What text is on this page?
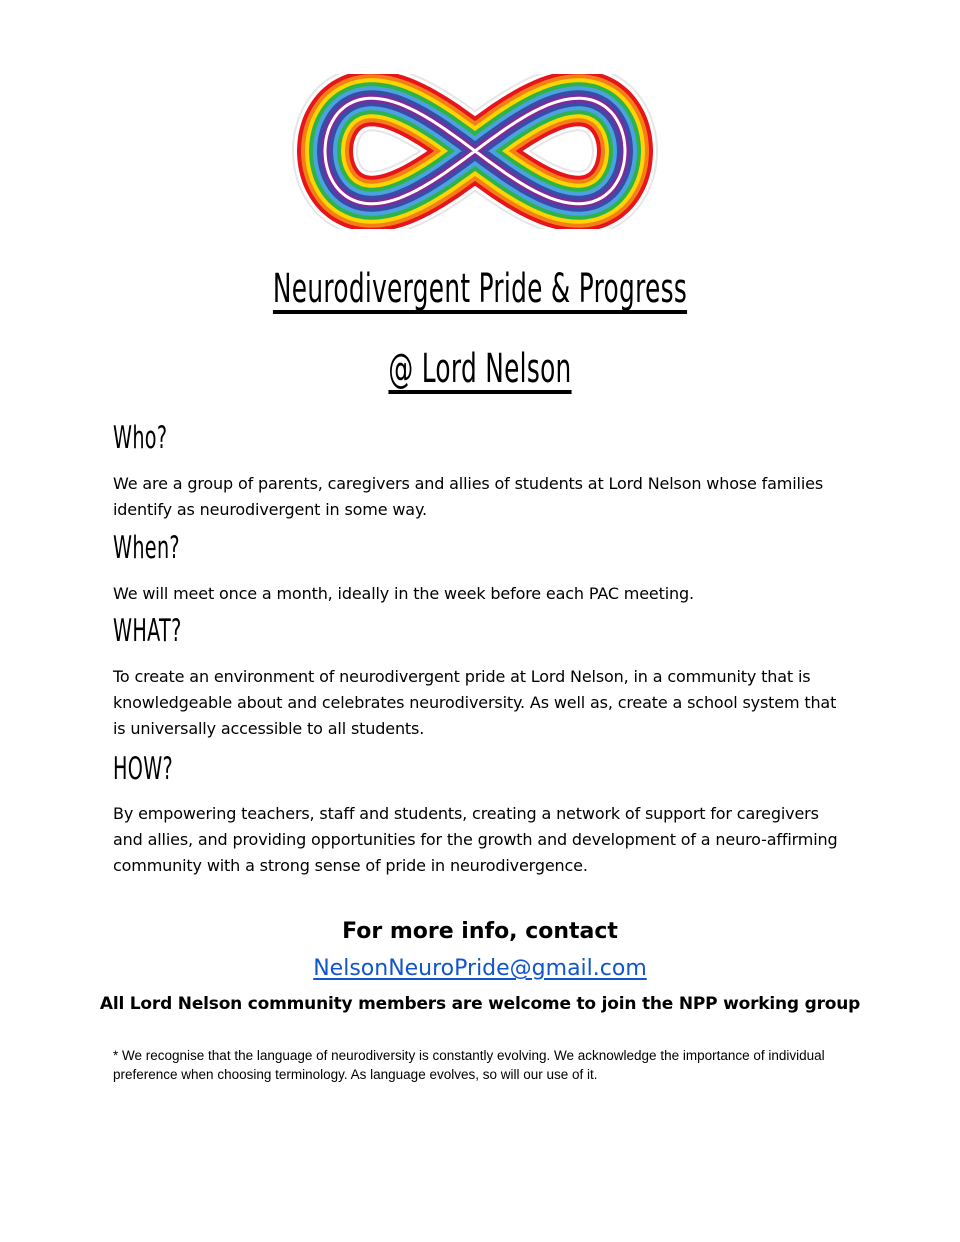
Neurodivergent Pride & Progress
@ Lord Nelson
Who?
We are a group of parents, caregivers and allies of students at Lord Nelson whose families identify as neurodivergent in some way.
When?
We will meet once a month, ideally in the week before each PAC meeting.
WHAT?
To create an environment of neurodivergent pride at Lord Nelson, in a community that is knowledgeable about and celebrates neurodiversity. As well as, create a school system that is universally accessible to all students.
HOW?
By empowering teachers, staff and students, creating a network of support for caregivers and allies, and providing opportunities for the growth and development of a neuro-affirming community with a strong sense of pride in neurodivergence.
For more info, contact
NelsonNeuroPride@gmail.com
All Lord Nelson community members are welcome to join the NPP working group
* We recognise that the language of neurodiversity is constantly evolving. We acknowledge the importance of individual preference when choosing terminology. As language evolves, so will our use of it.
